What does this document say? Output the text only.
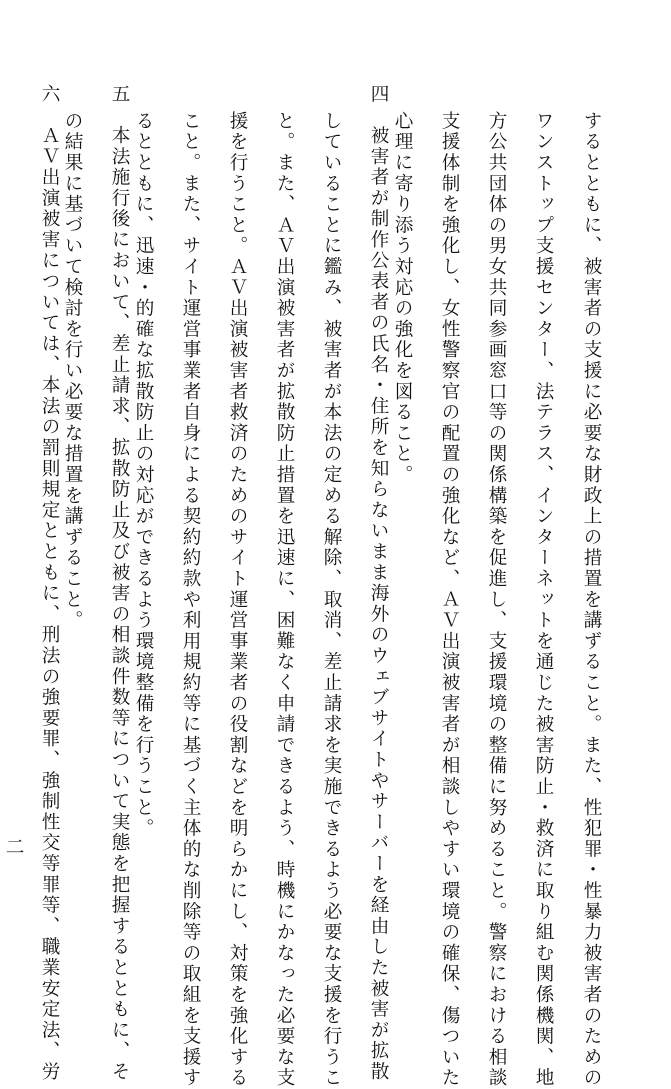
するとともに、被害者の支援に必要な財政上の措置を講ずること。また、性犯罪・性暴力被害者のための
ワンストップ支援センター、法テラス、インターネットを通じた被害防止・救済に取り組む関係機関、地
方公共団体の男女共同参画窓口等の関係構築を促進し、支援環境の整備に努めること。警察における相談
支援体制を強化し、女性警察官の配置の強化など、ＡＶ出演被害者が相談しやすい環境の確保、傷ついた
心理に寄り添う対応の強化を図ること。
四　被害者が制作公表者の氏名・住所を知らないまま海外のウェブサイトやサーバーを経由した被害が拡散
していることに鑑み、被害者が本法の定める解除、取消、差止請求を実施できるよう必要な支援を行うこ
と。また、ＡＶ出演被害者が拡散防止措置を迅速に、困難なく申請できるよう、時機にかなった必要な支
援を行うこと。ＡＶ出演被害者救済のためのサイト運営事業者の役割などを明らかにし、対策を強化する
こと。また、サイト運営事業者自身による契約約款や利用規約等に基づく主体的な削除等の取組を支援す
るとともに、迅速・的確な拡散防止の対応ができるよう環境整備を行うこと。
五　本法施行後において、差止請求、拡散防止及び被害の相談件数等について実態を把握するとともに、そ
の結果に基づいて検討を行い必要な措置を講ずること。
六　ＡＶ出演被害については、本法の罰則規定とともに、刑法の強要罪、強制性交等罪等、職業安定法、労
二
